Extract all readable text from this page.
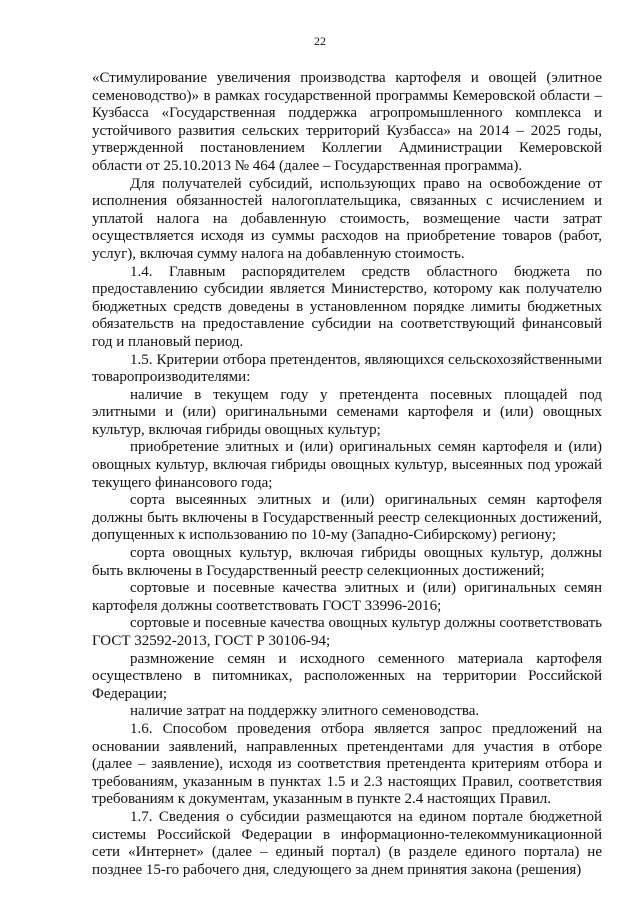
22

«Стимулирование увеличения производства картофеля и овощей (элитное семеноводство)» в рамках государственной программы Кемеровской области – Кузбасса «Государственная поддержка агропромышленного комплекса и устойчивого развития сельских территорий Кузбасса» на 2014 – 2025 годы, утвержденной постановлением Коллегии Администрации Кемеровской области от 25.10.2013 № 464 (далее – Государственная программа).

Для получателей субсидий, использующих право на освобождение от исполнения обязанностей налогоплательщика, связанных с исчислением и уплатой налога на добавленную стоимость, возмещение части затрат осуществляется исходя из суммы расходов на приобретение товаров (работ, услуг), включая сумму налога на добавленную стоимость.

1.4. Главным распорядителем средств областного бюджета по предоставлению субсидии является Министерство, которому как получателю бюджетных средств доведены в установленном порядке лимиты бюджетных обязательств на предоставление субсидии на соответствующий финансовый год и плановый период.

1.5. Критерии отбора претендентов, являющихся сельскохозяйственными товаропроизводителями:

наличие в текущем году у претендента посевных площадей под элитными и (или) оригинальными семенами картофеля и (или) овощных культур, включая гибриды овощных культур;

приобретение элитных и (или) оригинальных семян картофеля и (или) овощных культур, включая гибриды овощных культур, высеянных под урожай текущего финансового года;

сорта высеянных элитных и (или) оригинальных семян картофеля должны быть включены в Государственный реестр селекционных достижений, допущенных к использованию по 10-му (Западно-Сибирскому) региону;

сорта овощных культур, включая гибриды овощных культур, должны быть включены в Государственный реестр селекционных достижений;

сортовые и посевные качества элитных и (или) оригинальных семян картофеля должны соответствовать ГОСТ 33996-2016;

сортовые и посевные качества овощных культур должны соответствовать ГОСТ 32592-2013, ГОСТ Р 30106-94;

размножение семян и исходного семенного материала картофеля осуществлено в питомниках, расположенных на территории Российской Федерации;

наличие затрат на поддержку элитного семеноводства.

1.6. Способом проведения отбора является запрос предложений на основании заявлений, направленных претендентами для участия в отборе (далее – заявление), исходя из соответствия претендента критериям отбора и требованиям, указанным в пунктах 1.5 и 2.3 настоящих Правил, соответствия требованиям к документам, указанным в пункте 2.4 настоящих Правил.

1.7. Сведения о субсидии размещаются на едином портале бюджетной системы Российской Федерации в информационно-телекоммуникационной сети «Интернет» (далее – единый портал) (в разделе единого портала) не позднее 15-го рабочего дня, следующего за днем принятия закона (решения)
